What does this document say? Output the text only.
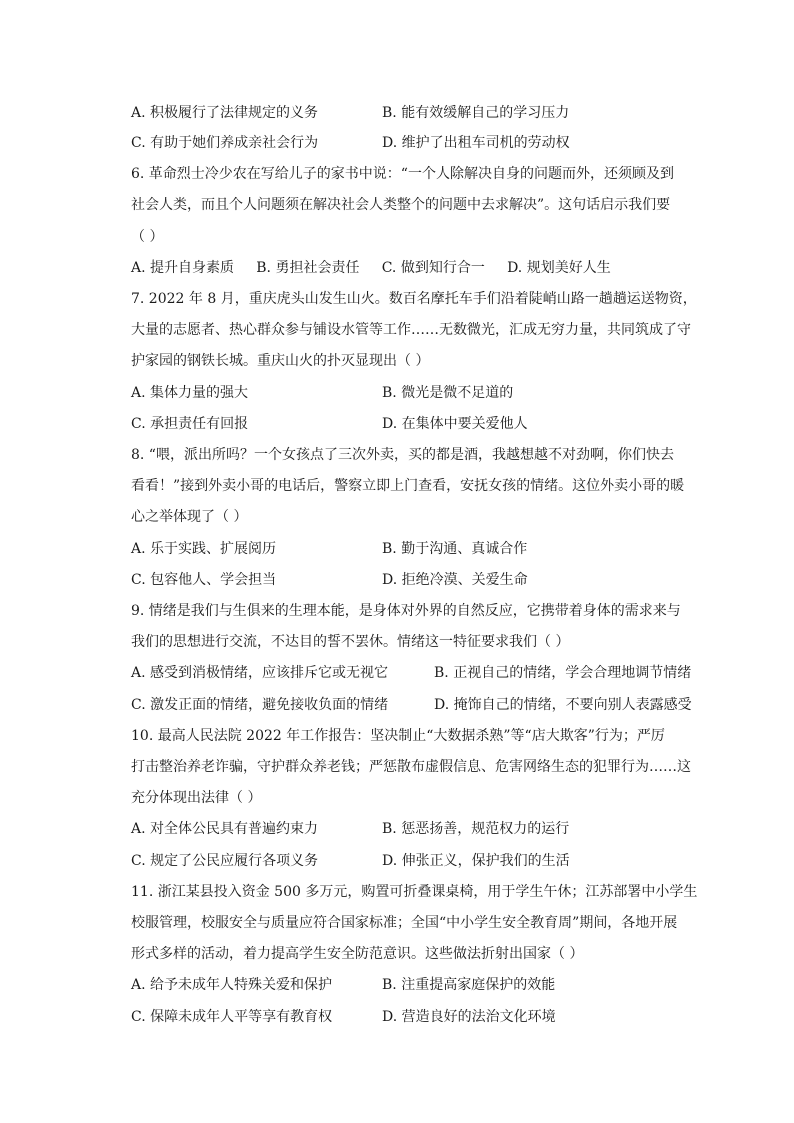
A. 积极履行了法律规定的义务	B. 能有效缓解自己的学习压力
C. 有助于她们养成亲社会行为	D. 维护了出租车司机的劳动权
6. 革命烈士冷少农在写给儿子的家书中说：“一个人除解决自身的问题而外，还须顾及到
社会人类，而且个人问题须在解决社会人类整个的问题中去求解决”。这句话启示我们要
（ ）
A. 提升自身素质     B. 勇担社会责任     C. 做到知行合一     D. 规划美好人生
7. 2022 年 8 月，重庆虎头山发生山火。数百名摩托车手们沿着陡峭山路一趟趟运送物资，
大量的志愿者、热心群众参与铺设水管等工作……无数微光，汇成无穷力量，共同筑成了守
护家园的钢铁长城。重庆山火的扑灭显现出（ ）
A. 集体力量的强大	B. 微光是微不足道的
C. 承担责任有回报	D. 在集体中要关爱他人
8. “喂，派出所吗？一个女孩点了三次外卖，买的都是酒，我越想越不对劲啊，你们快去
看看！”接到外卖小哥的电话后，警察立即上门查看，安抚女孩的情绪。这位外卖小哥的暖
心之举体现了（ ）
A. 乐于实践、扩展阅历	B. 勤于沟通、真诚合作
C. 包容他人、学会担当	D. 拒绝冷漠、关爱生命
9. 情绪是我们与生俱来的生理本能，是身体对外界的自然反应，它携带着身体的需求来与
我们的思想进行交流，不达目的誓不罢休。情绪这一特征要求我们（ ）
A. 感受到消极情绪，应该排斥它或无视它	B. 正视自己的情绪，学会合理地调节情绪
C. 激发正面的情绪，避免接收负面的情绪	D. 掩饰自己的情绪，不要向别人表露感受
10. 最高人民法院 2022 年工作报告：坚决制止“大数据杀熟”等“店大欺客”行为；严厉
打击整治养老诈骗，守护群众养老钱；严惩散布虚假信息、危害网络生态的犯罪行为……这
充分体现出法律（ ）
A. 对全体公民具有普遍约束力	B. 惩恶扬善，规范权力的运行
C. 规定了公民应履行各项义务	D. 伸张正义，保护我们的生活
11. 浙江某县投入资金 500 多万元，购置可折叠课桌椅，用于学生午休；江苏部署中小学生
校服管理，校服安全与质量应符合国家标准；全国“中小学生安全教育周”期间，各地开展
形式多样的活动，着力提高学生安全防范意识。这些做法折射出国家（ ）
A. 给予未成年人特殊关爱和保护	B. 注重提高家庭保护的效能
C. 保障未成年人平等享有教育权	D. 营造良好的法治文化环境
